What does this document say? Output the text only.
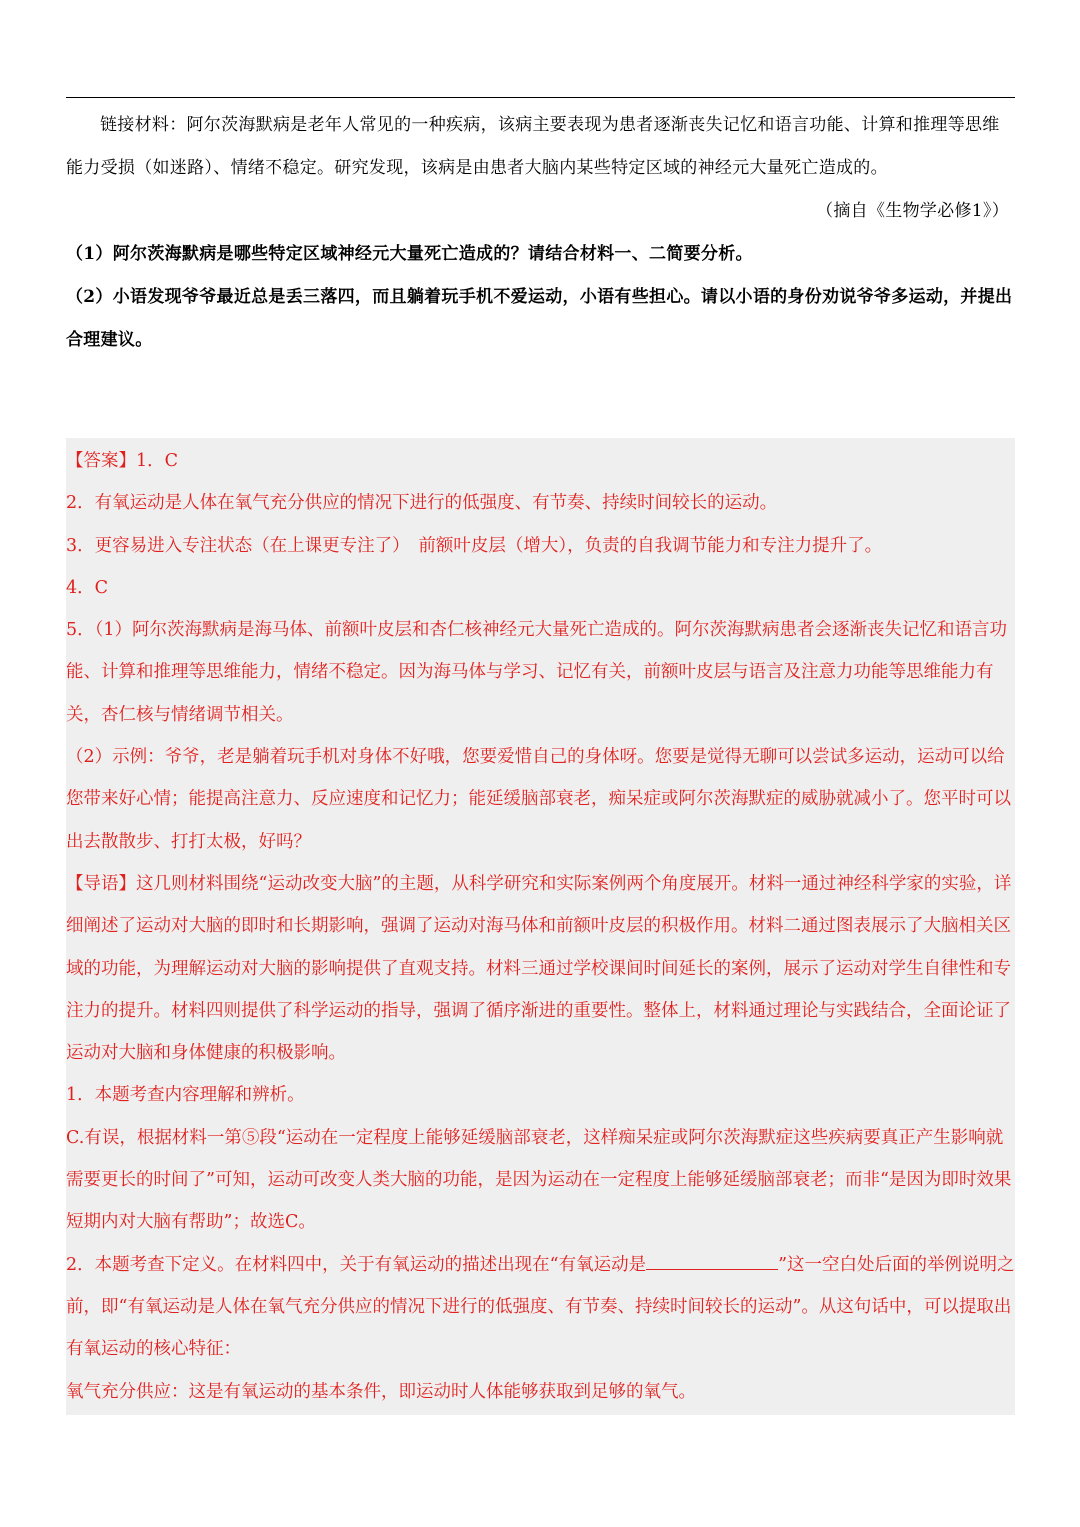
链接材料：阿尔茨海默病是老年人常见的一种疾病，该病主要表现为患者逐渐丧失记忆和语言功能、计算和推理等思维能力受损（如迷路）、情绪不稳定。研究发现，该病是由患者大脑内某些特定区域的神经元大量死亡造成的。

（摘自《生物学必修1》）

（1）阿尔茨海默病是哪些特定区域神经元大量死亡造成的？请结合材料一、二简要分析。

（2）小语发现爷爷最近总是丢三落四，而且躺着玩手机不爱运动，小语有些担心。请以小语的身份劝说爷爷多运动，并提出合理建议。

【答案】1．C

2．有氧运动是人体在氧气充分供应的情况下进行的低强度、有节奏、持续时间较长的运动。

3．更容易进入专注状态（在上课更专注了）　前额叶皮层（增大），负责的自我调节能力和专注力提升了。

4．C

5．（1）阿尔茨海默病是海马体、前额叶皮层和杏仁核神经元大量死亡造成的。阿尔茨海默病患者会逐渐丧失记忆和语言功能、计算和推理等思维能力，情绪不稳定。因为海马体与学习、记忆有关，前额叶皮层与语言及注意力功能等思维能力有关，杏仁核与情绪调节相关。

（2）示例：爷爷，老是躺着玩手机对身体不好哦，您要爱惜自己的身体呀。您要是觉得无聊可以尝试多运动，运动可以给您带来好心情；能提高注意力、反应速度和记忆力；能延缓脑部衰老，痴呆症或阿尔茨海默症的威胁就减小了。您平时可以出去散散步、打打太极，好吗？

【导语】这几则材料围绕“运动改变大脑”的主题，从科学研究和实际案例两个角度展开。材料一通过神经科学家的实验，详细阐述了运动对大脑的即时和长期影响，强调了运动对海马体和前额叶皮层的积极作用。材料二通过图表展示了大脑相关区域的功能，为理解运动对大脑的影响提供了直观支持。材料三通过学校课间时间延长的案例，展示了运动对学生自律性和专注力的提升。材料四则提供了科学运动的指导，强调了循序渐进的重要性。整体上，材料通过理论与实践结合，全面论证了运动对大脑和身体健康的积极影响。

1．本题考查内容理解和辨析。

C.有误，根据材料一第⑤段“运动在一定程度上能够延缓脑部衰老，这样痴呆症或阿尔茨海默症这些疾病要真正产生影响就需要更长的时间了”可知，运动可改变人类大脑的功能，是因为运动在一定程度上能够延缓脑部衰老；而非“是因为即时效果短期内对大脑有帮助”；故选C。

2．本题考查下定义。在材料四中，关于有氧运动的描述出现在“有氧运动是	”这一空白处后面的举例说明之前，即“有氧运动是人体在氧气充分供应的情况下进行的低强度、有节奏、持续时间较长的运动”。从这句话中，可以提取出有氧运动的核心特征：

氧气充分供应：这是有氧运动的基本条件，即运动时人体能够获取到足够的氧气。
